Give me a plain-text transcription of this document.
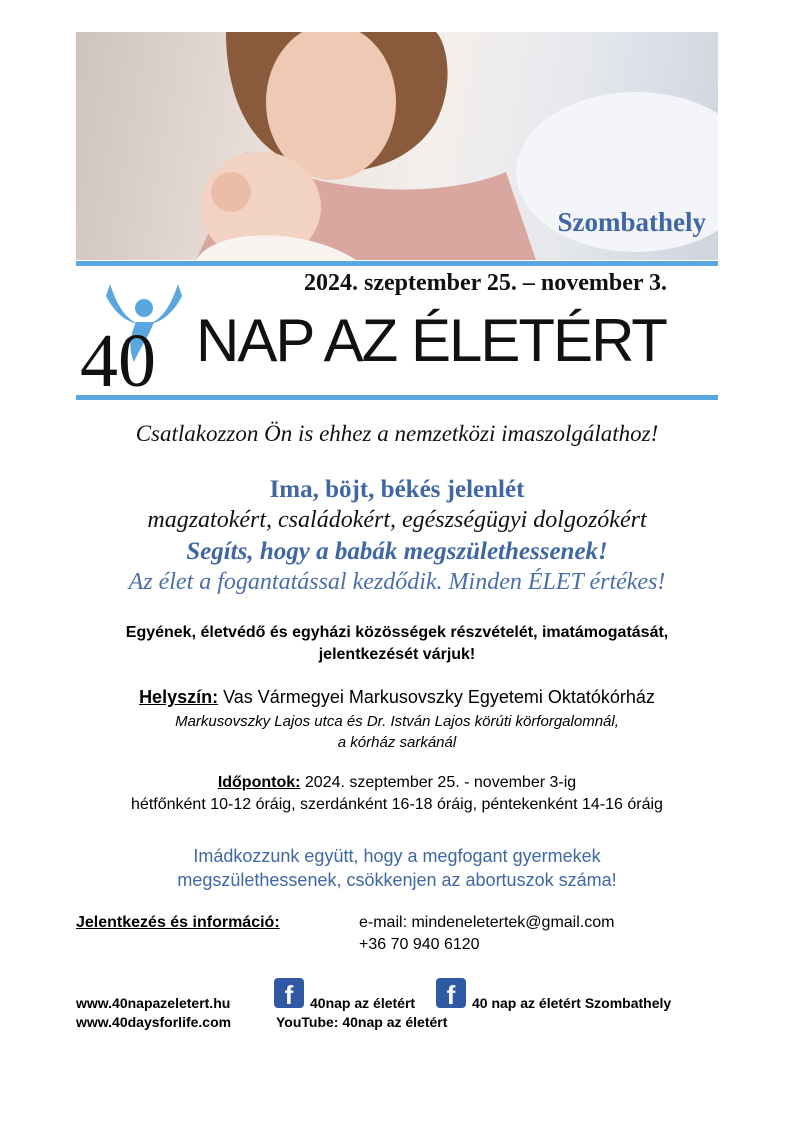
Szombathely
2024. szeptember 25. – november 3.
40 NAP AZ ÉLETÉRT
Csatlakozzon Ön is ehhez a nemzetközi imaszolgálathoz!
Ima, böjt, békés jelenlét
magzatokért, családokért, egészségügyi dolgozókért
Segíts, hogy a babák megszülethessenek!
Az élet a fogantatással kezdődik. Minden ÉLET értékes!
Egyének, életvédő és egyházi közösségek részvételét, imatámogatását,
jelentkezését várjuk!
Helyszín: Vas Vármegyei Markusovszky Egyetemi Oktatókórház
Markusovszky Lajos utca és Dr. István Lajos körúti körforgalomnál,
a kórház sarkánál
Időpontok: 2024. szeptember 25. - november 3-ig
hétfőnként 10-12 óráig, szerdánként 16-18 óráig, péntekenként 14-16 óráig
Imádkozzunk együtt, hogy a megfogant gyermekek
megszülethessenek, csökkenjen az abortuszok száma!
Jelentkezés és információ:	e-mail: mindeneletertek@gmail.com
+36 70 940 6120
www.40napazeletert.hu
www.40daysforlife.com
f	40nap az életért	f	40 nap az életért Szombathely
YouTube: 40nap az életért
